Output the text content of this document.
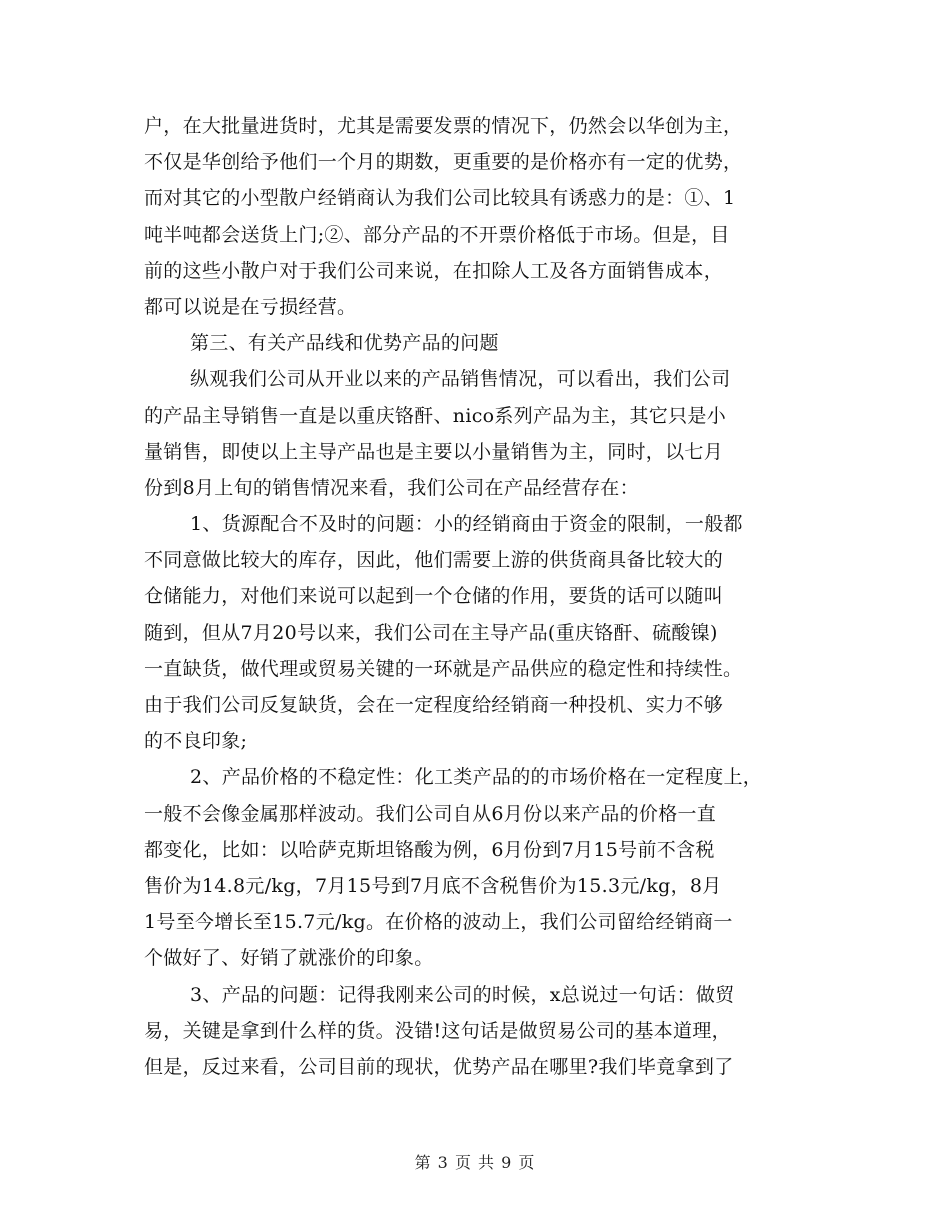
户，在大批量进货时，尤其是需要发票的情况下，仍然会以华创为主，
不仅是华创给予他们一个月的期数，更重要的是价格亦有一定的优势，
而对其它的小型散户经销商认为我们公司比较具有诱惑力的是：①、1
吨半吨都会送货上门;②、部分产品的不开票价格低于市场。但是，目
前的这些小散户对于我们公司来说，在扣除人工及各方面销售成本，
都可以说是在亏损经营。
第三、有关产品线和优势产品的问题
纵观我们公司从开业以来的产品销售情况，可以看出，我们公司
的产品主导销售一直是以重庆铬酐、nico系列产品为主，其它只是小
量销售，即使以上主导产品也是主要以小量销售为主，同时，以七月
份到8月上旬的销售情况来看，我们公司在产品经营存在：
1、货源配合不及时的问题：小的经销商由于资金的限制，一般都
不同意做比较大的库存，因此，他们需要上游的供货商具备比较大的
仓储能力，对他们来说可以起到一个仓储的作用，要货的话可以随叫
随到，但从7月20号以来，我们公司在主导产品(重庆铬酐、硫酸镍)
一直缺货，做代理或贸易关键的一环就是产品供应的稳定性和持续性。
由于我们公司反复缺货，会在一定程度给经销商一种投机、实力不够
的不良印象;
2、产品价格的不稳定性：化工类产品的的市场价格在一定程度上，
一般不会像金属那样波动。我们公司自从6月份以来产品的价格一直
都变化，比如：以哈萨克斯坦铬酸为例，6月份到7月15号前不含税
售价为14.8元/kg，7月15号到7月底不含税售价为15.3元/kg，8月
1号至今增长至15.7元/kg。在价格的波动上，我们公司留给经销商一
个做好了、好销了就涨价的印象。
3、产品的问题：记得我刚来公司的时候，x总说过一句话：做贸
易，关键是拿到什么样的货。没错!这句话是做贸易公司的基本道理，
但是，反过来看，公司目前的现状，优势产品在哪里?我们毕竟拿到了
第 3 页 共 9 页
